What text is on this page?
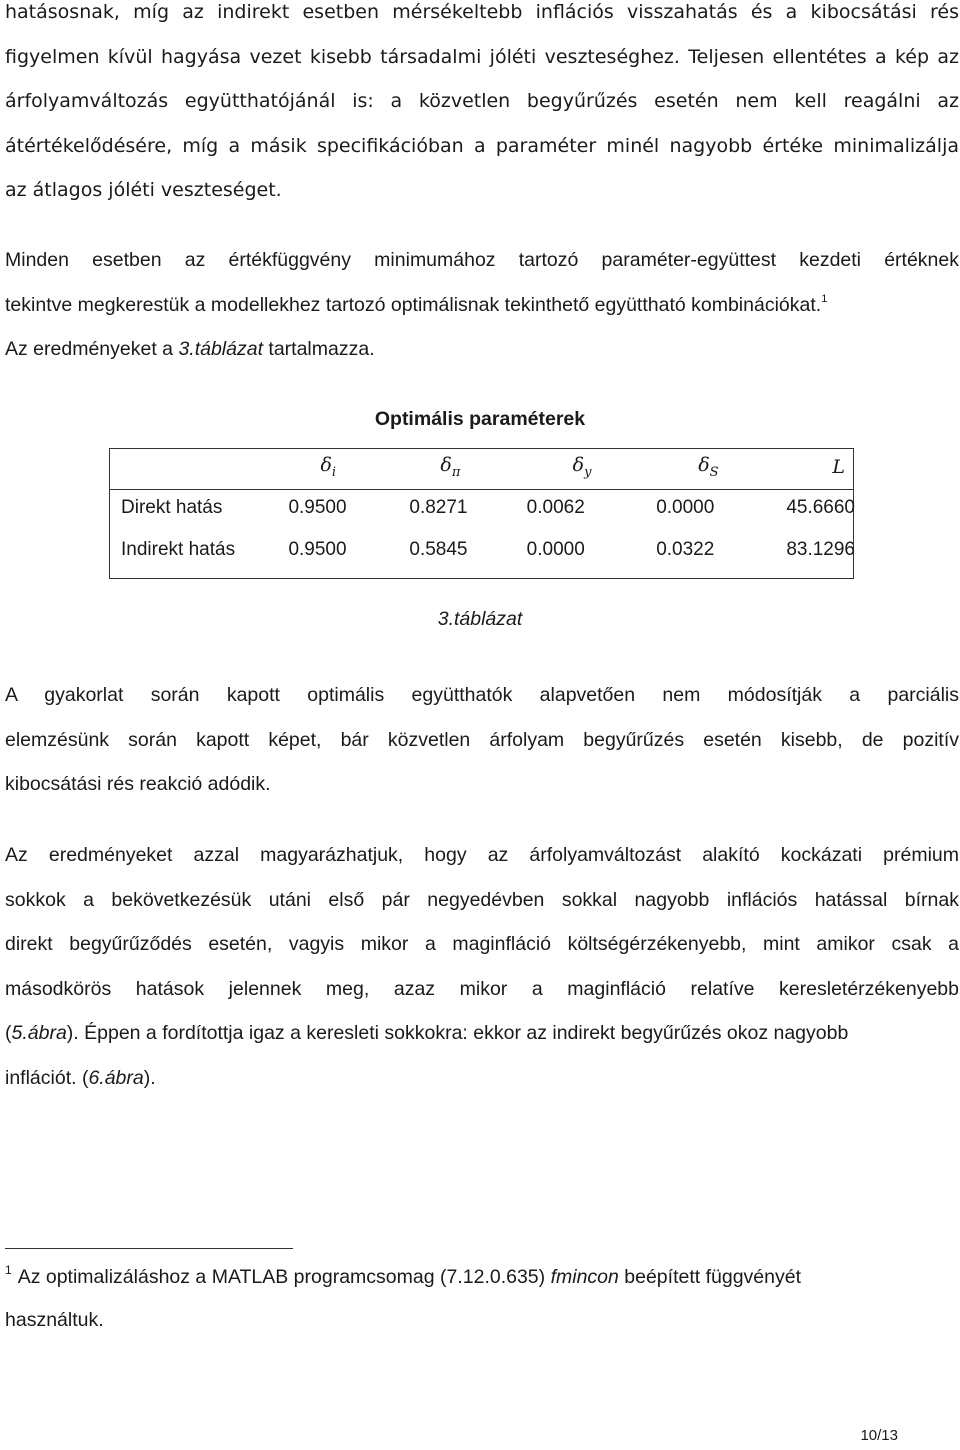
hatásosnak, míg az indirekt esetben mérsékeltebb inflációs visszahatás és a kibocsátási rés
figyelmen kívül hagyása vezet kisebb társadalmi jóléti veszteséghez. Teljesen ellentétes a kép az
árfolyamváltozás együtthatójánál is: a közvetlen begyűrűzés esetén nem kell reagálni az
átértékelődésére, míg a másik specifikációban a paraméter minél nagyobb értéke minimalizálja
az átlagos jóléti veszteséget.
Minden esetben az értékfüggvény minimumához tartozó paraméter-együttest kezdeti értéknek
tekintve megkerestük a modellekhez tartozó optimálisnak tekinthető együttható kombinációkat.$^1$
Az eredményeket a 3.táblázat tartalmazza.
Optimális paraméterek
	$\delta_i$	$\delta_\pi$	$\delta_y$	$\delta_S$	L
Direkt hatás	0.9500	0.8271	0.0062	0.0000	45.6660
Indirekt hatás	0.9500	0.5845	0.0000	0.0322	83.1296
3.táblázat
A gyakorlat során kapott optimális együtthatók alapvetően nem módosítják a parciális
elemzésünk során kapott képet, bár közvetlen árfolyam begyűrűzés esetén kisebb, de pozitív
kibocsátási rés reakció adódik.
Az eredményeket azzal magyarázhatjuk, hogy az árfolyamváltozást alakító kockázati prémium
sokkok a bekövetkezésük utáni első pár negyedévben sokkal nagyobb inflációs hatással bírnak
direkt begyűrűződés esetén, vagyis mikor a maginfláció költségérzékenyebb, mint amikor csak a
másodkörös hatások jelennek meg, azaz mikor a maginfláció relatíve keresletérzékenyebb
(5.ábra). Éppen a fordítottja igaz a keresleti sokkokra: ekkor az indirekt begyűrűzés okoz nagyobb
inflációt. (6.ábra).
$^1$ Az optimalizáláshoz a MATLAB programcsomag (7.12.0.635) fmincon beépített függvényét
használtuk.
10/13
